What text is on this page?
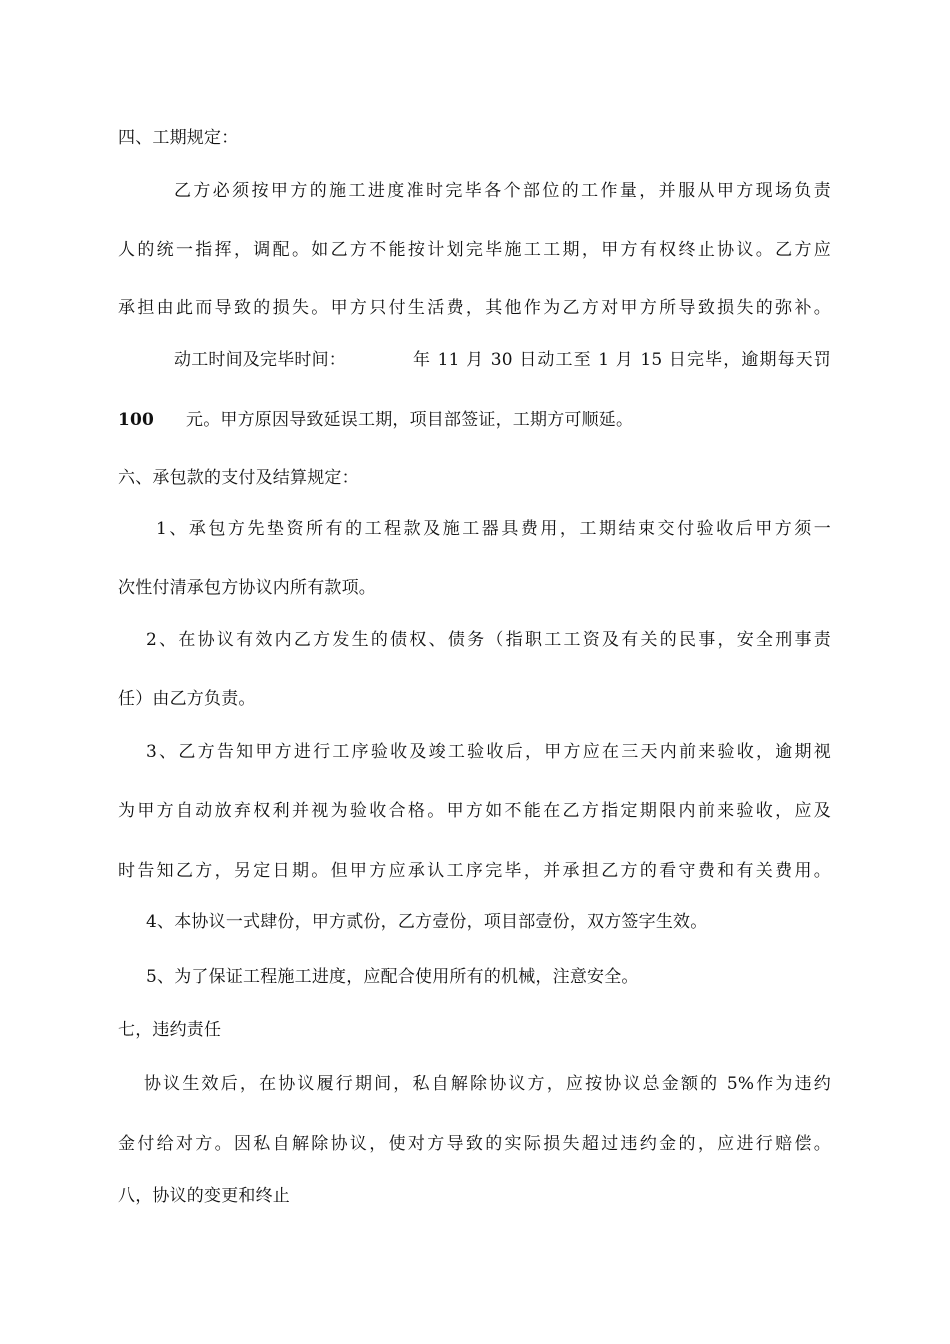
四、工期规定：
乙方必须按甲方的施工进度准时完毕各个部位的工作量，并服从甲方现场负责
人的统一指挥，调配。如乙方不能按计划完毕施工工期，甲方有权终止协议。乙方应
承担由此而导致的损失。甲方只付生活费，其他作为乙方对甲方所导致损失的弥补。
动工时间及完毕时间：	年 11 月 30 日动工至 1 月 15 日完毕，逾期每天罚
100 元。甲方原因导致延误工期，项目部签证，工期方可顺延。
六、承包款的支付及结算规定：
1、承包方先垫资所有的工程款及施工器具费用，工期结束交付验收后甲方须一
次性付清承包方协议内所有款项。
2、在协议有效内乙方发生的债权、债务（指职工工资及有关的民事，安全刑事责
任）由乙方负责。
3、乙方告知甲方进行工序验收及竣工验收后，甲方应在三天内前来验收，逾期视
为甲方自动放弃权利并视为验收合格。甲方如不能在乙方指定期限内前来验收，应及
时告知乙方，另定日期。但甲方应承认工序完毕，并承担乙方的看守费和有关费用。
4、本协议一式肆份，甲方贰份，乙方壹份，项目部壹份，双方签字生效。
5、为了保证工程施工进度，应配合使用所有的机械，注意安全。
七，违约责任
协议生效后，在协议履行期间，私自解除协议方，应按协议总金额的 5%作为违约
金付给对方。因私自解除协议，使对方导致的实际损失超过违约金的，应进行赔偿。
八，协议的变更和终止
